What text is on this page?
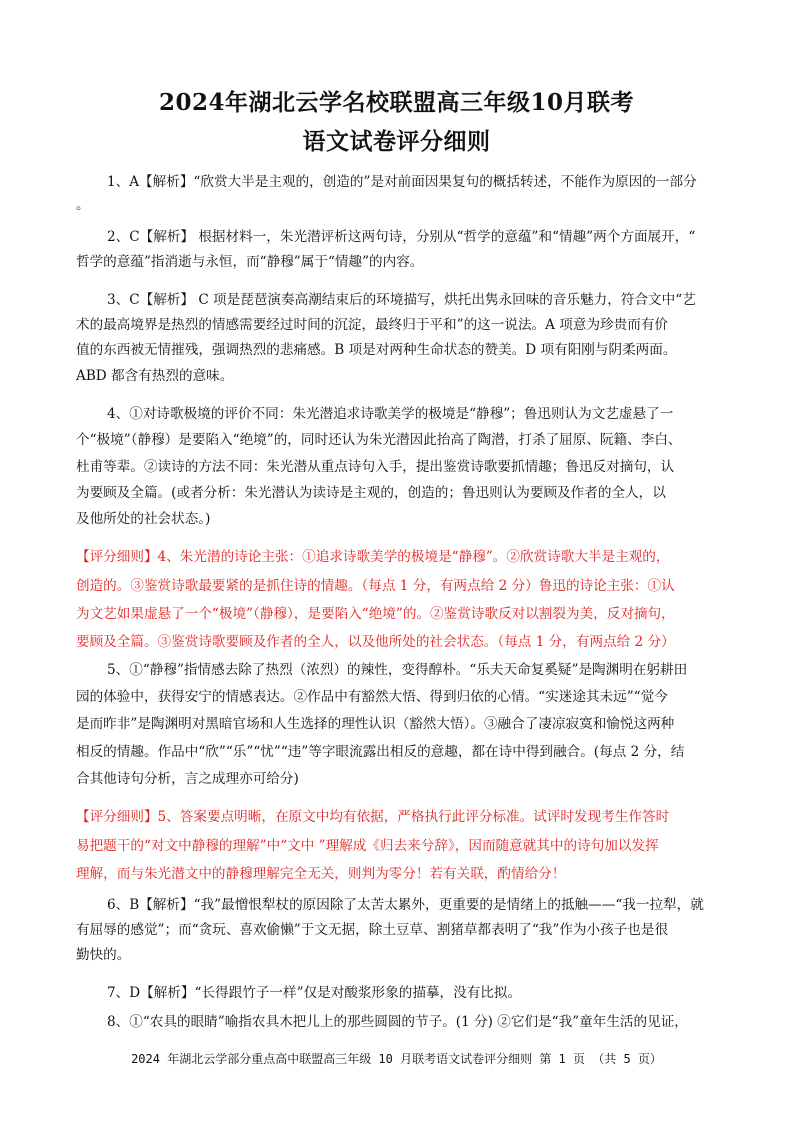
2024年湖北云学名校联盟高三年级10月联考
语文试卷评分细则
1、A【解析】“欣赏大半是主观的，创造的”是对前面因果复句的概括转述，不能作为原因的一部分
。
2、C【解析】 根据材料一，朱光潜评析这两句诗，分别从“哲学的意蕴”和“情趣”两个方面展开，“
哲学的意蕴”指消逝与永恒，而“静穆”属于“情趣”的内容。
3、C【解析】 C 项是琵琶演奏高潮结束后的环境描写，烘托出隽永回味的音乐魅力，符合文中“艺
术的最高境界是热烈的情感需要经过时间的沉淀，最终归于平和”的这一说法。A 项意为珍贵而有价
值的东西被无情摧残，强调热烈的悲痛感。B 项是对两种生命状态的赞美。D 项有阳刚与阴柔两面。
ABD 都含有热烈的意味。
4、①对诗歌极境的评价不同：朱光潜追求诗歌美学的极境是“静穆”；鲁迅则认为文艺虚悬了一
个“极境”（静穆）是要陷入“绝境”的，同时还认为朱光潜因此抬高了陶潜，打杀了屈原、阮籍、李白、
杜甫等辈。②读诗的方法不同：朱光潜从重点诗句入手，提出鉴赏诗歌要抓情趣；鲁迅反对摘句，认
为要顾及全篇。(或者分析：朱光潜认为读诗是主观的，创造的；鲁迅则认为要顾及作者的全人，以
及他所处的社会状态。)
【评分细则】4、朱光潜的诗论主张：①追求诗歌美学的极境是“静穆”。②欣赏诗歌大半是主观的，
创造的。③鉴赏诗歌最要紧的是抓住诗的情趣。（每点 1 分，有两点给 2 分）鲁迅的诗论主张：①认
为文艺如果虚悬了一个“极境”（静穆），是要陷入“绝境”的。②鉴赏诗歌反对以割裂为美，反对摘句，
要顾及全篇。③鉴赏诗歌要顾及作者的全人，以及他所处的社会状态。（每点 1 分，有两点给 2 分）
5、①“静穆”指情感去除了热烈（浓烈）的辣性，变得醇朴。“乐夫天命复奚疑”是陶渊明在躬耕田
园的体验中，获得安宁的情感表达。②作品中有豁然大悟、得到归依的心情。“实迷途其未远”“觉今
是而昨非”是陶渊明对黑暗官场和人生选择的理性认识（豁然大悟）。③融合了凄凉寂寞和愉悦这两种
相反的情趣。作品中“欣”“乐”“忧”“违”等字眼流露出相反的意趣，都在诗中得到融合。(每点 2 分，结
合其他诗句分析，言之成理亦可给分)
【评分细则】5、答案要点明晰，在原文中均有依据，严格执行此评分标准。试评时发现考生作答时
易把题干的“对文中静穆的理解”中“文中 ”理解成《归去来兮辞》，因而随意就其中的诗句加以发挥
理解，而与朱光潜文中的静穆理解完全无关，则判为零分！若有关联，酌情给分！
6、B【解析】“我”最憎恨犁杖的原因除了太苦太累外，更重要的是情绪上的抵触——“我一拉犁，就
有屈辱的感觉”；而“贪玩、喜欢偷懒”于文无据，除土豆草、割猪草都表明了“我”作为小孩子也是很
勤快的。
7、D【解析】“长得跟竹子一样”仅是对酸浆形象的描摹，没有比拟。
8、①“农具的眼睛”喻指农具木把儿上的那些圆圆的节子。(1 分) ②它们是“我”童年生活的见证，
2024 年湖北云学部分重点高中联盟高三年级 10 月联考语文试卷评分细则 第 1 页 （共 5 页）
